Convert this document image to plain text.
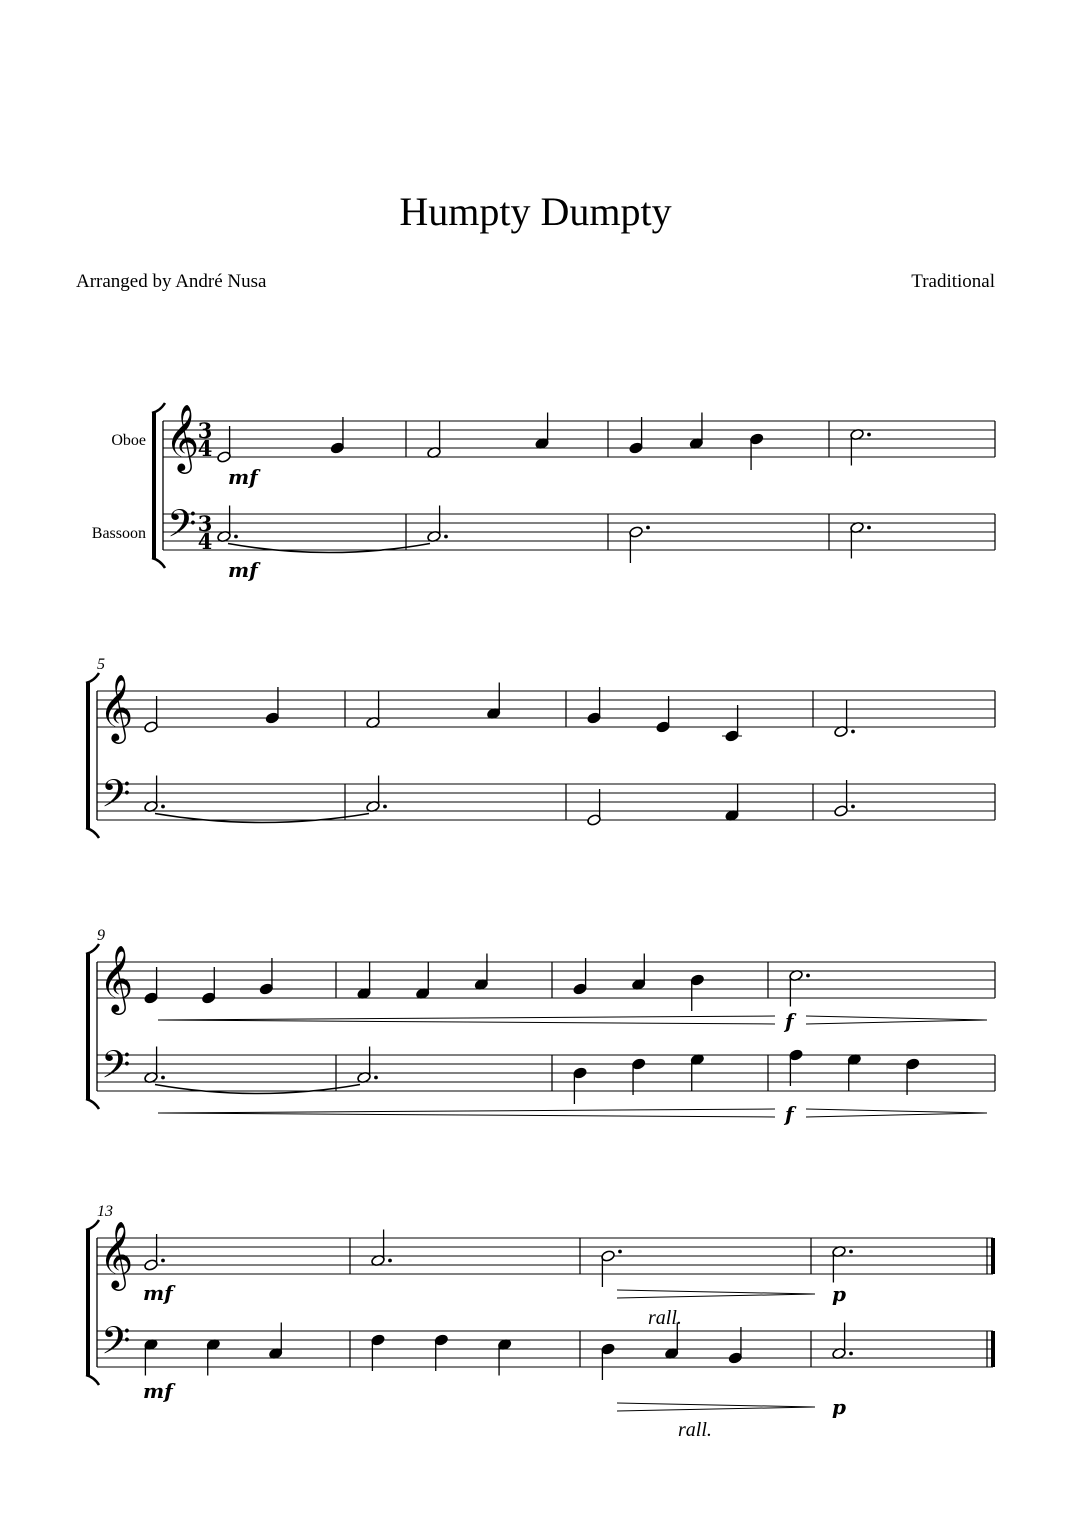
Humpty Dumpty
Arranged by André Nusa	Traditional
𝄞
𝄢
3
4
3
4
Oboe
Bassoon
mf
mf
𝄞
𝄢
5
𝄞
𝄢
9
f
f
𝄞
𝄢
13
mf
mf
p
rall.
p
rall.
